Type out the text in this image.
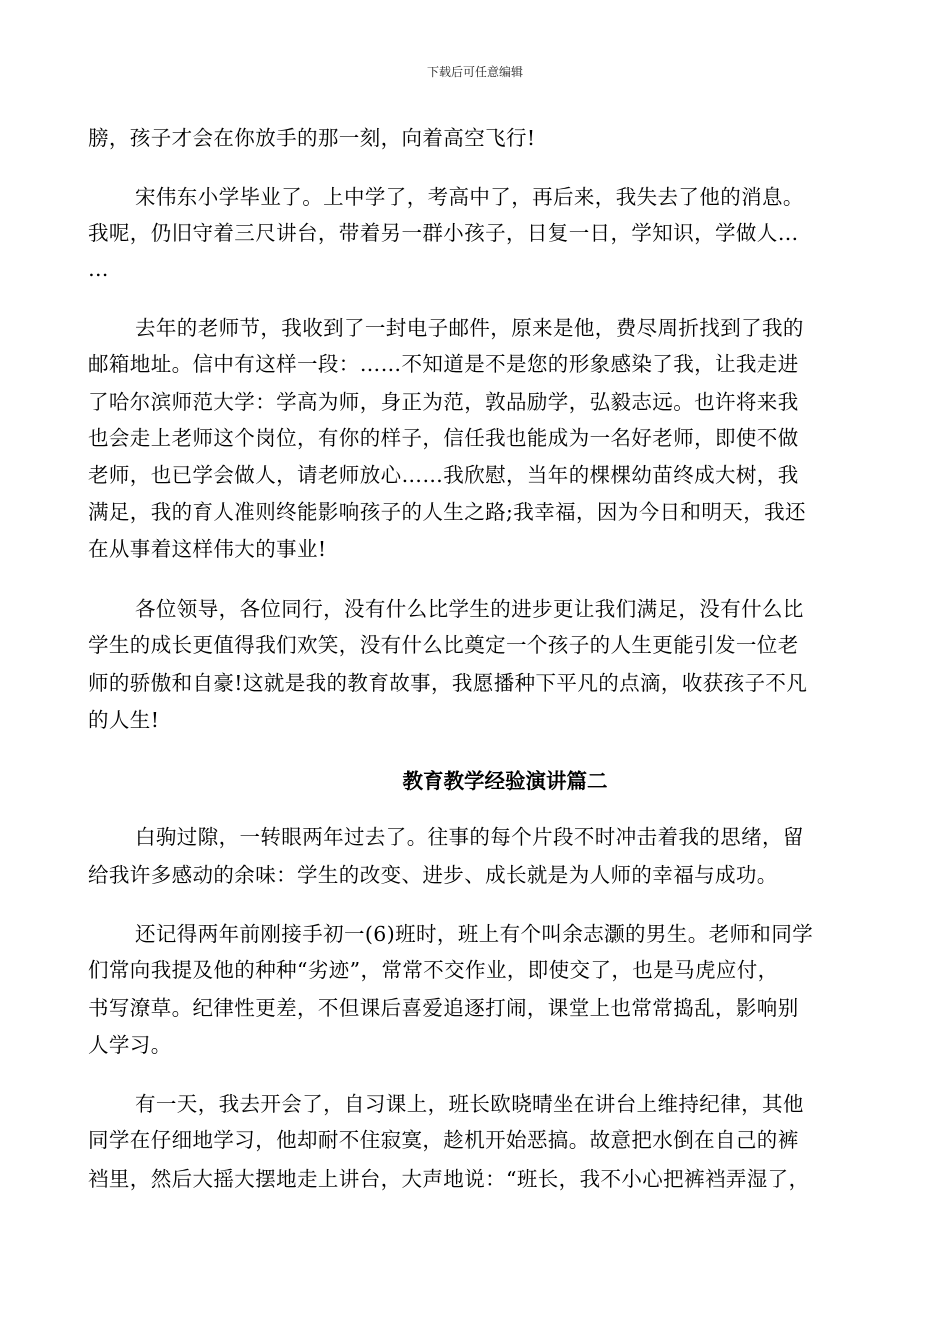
下载后可任意编辑
膀，孩子才会在你放手的那一刻，向着高空飞行!
宋伟东小学毕业了。上中学了，考高中了，再后来，我失去了他的消息。
我呢，仍旧守着三尺讲台，带着另一群小孩子，日复一日，学知识，学做人…
…
去年的老师节，我收到了一封电子邮件，原来是他，费尽周折找到了我的
邮箱地址。信中有这样一段：……不知道是不是您的形象感染了我，让我走进
了哈尔滨师范大学：学高为师，身正为范，敦品励学，弘毅志远。也许将来我
也会走上老师这个岗位，有你的样子，信任我也能成为一名好老师，即使不做
老师，也已学会做人，请老师放心……我欣慰，当年的棵棵幼苗终成大树，我
满足，我的育人准则终能影响孩子的人生之路;我幸福，因为今日和明天，我还
在从事着这样伟大的事业!
各位领导，各位同行，没有什么比学生的进步更让我们满足，没有什么比
学生的成长更值得我们欢笑，没有什么比奠定一个孩子的人生更能引发一位老
师的骄傲和自豪!这就是我的教育故事，我愿播种下平凡的点滴，收获孩子不凡
的人生!
教育教学经验演讲篇二
白驹过隙，一转眼两年过去了。往事的每个片段不时冲击着我的思绪，留
给我许多感动的余味：学生的改变、进步、成长就是为人师的幸福与成功。
还记得两年前刚接手初一(6)班时，班上有个叫余志灏的男生。老师和同学
们常向我提及他的种种“劣迹”，常常不交作业，即使交了，也是马虎应付，
书写潦草。纪律性更差，不但课后喜爱追逐打闹，课堂上也常常捣乱，影响别
人学习。
有一天，我去开会了，自习课上，班长欧晓晴坐在讲台上维持纪律，其他
同学在仔细地学习，他却耐不住寂寞，趁机开始恶搞。故意把水倒在自己的裤
裆里，然后大摇大摆地走上讲台，大声地说：“班长，我不小心把裤裆弄湿了，
